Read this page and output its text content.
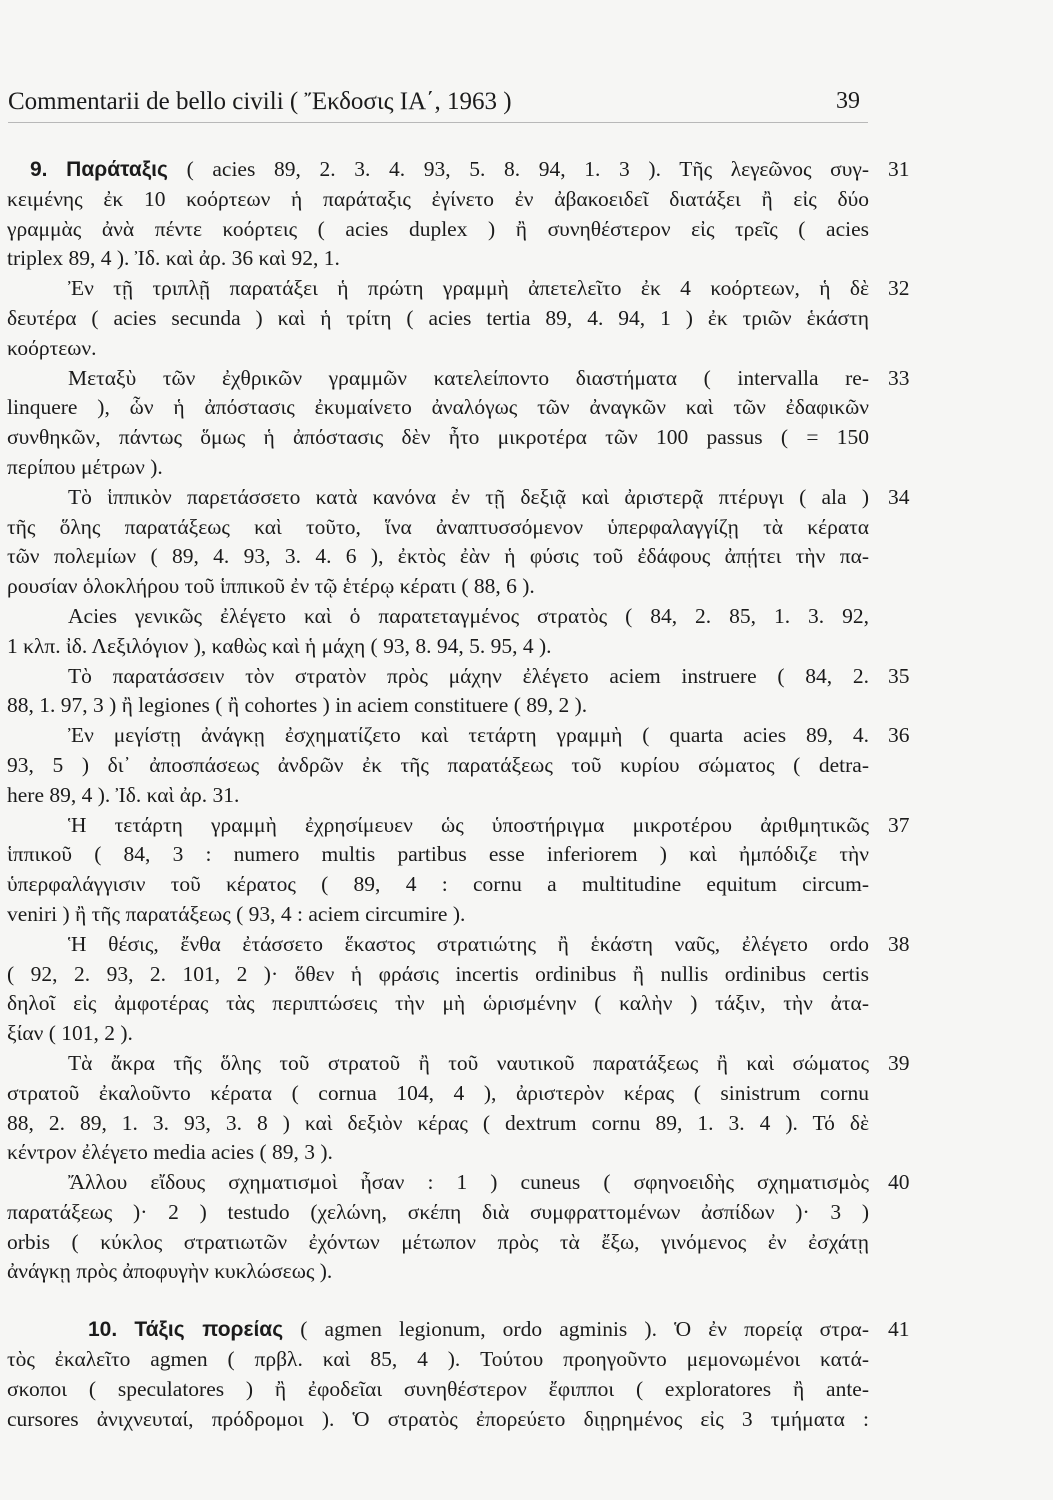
Commentarii de bello civili ( Ἔκδοσις ΙΑ΄, 1963 )	39
9. Παράταξις ( acies 89, 2. 3. 4. 93, 5. 8. 94, 1. 3 ). Τῆς λεγεῶνος συγ- 31
κειμένης ἐκ 10 κοόρτεων ἡ παράταξις ἐγίνετο ἐν ἀβακοειδεῖ διατάξει ἢ εἰς δύο
γραμμὰς ἀνὰ πέντε κοόρτεις ( acies duplex ) ἢ συνηθέστερον εἰς τρεῖς ( acies
triplex 89, 4 ). Ἰδ. καὶ ἀρ. 36 καὶ 92, 1.
Ἐν τῇ τριπλῇ παρατάξει ἡ πρώτη γραμμὴ ἀπετελεῖτο ἐκ 4 κοόρτεων, ἡ δὲ 32
δευτέρα ( acies secunda ) καὶ ἡ τρίτη ( acies tertia 89, 4. 94, 1 ) ἐκ τριῶν ἑκάστη
κοόρτεων.
Μεταξὺ τῶν ἐχθρικῶν γραμμῶν κατελείποντο διαστήματα ( intervalla re- 33
linquere ), ὧν ἡ ἀπόστασις ἐκυμαίνετο ἀναλόγως τῶν ἀναγκῶν καὶ τῶν ἐδαφικῶν
συνθηκῶν, πάντως ὅμως ἡ ἀπόστασις δὲν ἦτο μικροτέρα τῶν 100 passus ( = 150
περίπου μέτρων ).
Τὸ ἱππικὸν παρετάσσετο κατὰ κανόνα ἐν τῇ δεξιᾷ καὶ ἀριστερᾷ πτέρυγι ( ala ) 34
τῆς ὅλης παρατάξεως καὶ τοῦτο, ἵνα ἀναπτυσσόμενον ὑπερφαλαγγίζῃ τὰ κέρατα
τῶν πολεμίων ( 89, 4. 93, 3. 4. 6 ), ἐκτὸς ἐὰν ἡ φύσις τοῦ ἐδάφους ἀπῄτει τὴν πα-
ρουσίαν ὁλοκλήρου τοῦ ἱππικοῦ ἐν τῷ ἑτέρῳ κέρατι ( 88, 6 ).
Acies γενικῶς ἐλέγετο καὶ ὁ παρατεταγμένος στρατὸς ( 84, 2. 85, 1. 3. 92,
1 κλπ. ἰδ. Λεξιλόγιον ), καθὼς καὶ ἡ μάχη ( 93, 8. 94, 5. 95, 4 ).
Τὸ παρατάσσειν τὸν στρατὸν πρὸς μάχην ἐλέγετο aciem instruere ( 84, 2. 35
88, 1. 97, 3 ) ἢ legiones ( ἢ cohortes ) in aciem constituere ( 89, 2 ).
Ἐν μεγίστῃ ἀνάγκῃ ἐσχηματίζετο καὶ τετάρτη γραμμὴ ( quarta acies 89, 4. 36
93, 5 ) δι᾽ ἀποσπάσεως ἀνδρῶν ἐκ τῆς παρατάξεως τοῦ κυρίου σώματος ( detra-
here 89, 4 ). Ἰδ. καὶ ἀρ. 31.
Ἡ τετάρτη γραμμὴ ἐχρησίμευεν ὡς ὑποστήριγμα μικροτέρου ἀριθμητικῶς 37
ἱππικοῦ ( 84, 3 : numero multis partibus esse inferiorem ) καὶ ἠμπόδιζε τὴν
ὑπερφαλάγγισιν τοῦ κέρατος ( 89, 4 : cornu a multitudine equitum circum-
veniri ) ἢ τῆς παρατάξεως ( 93, 4 : aciem circumire ).
Ἡ θέσις, ἔνθα ἐτάσσετο ἕκαστος στρατιώτης ἢ ἑκάστη ναῦς, ἐλέγετο ordo 38
( 92, 2. 93, 2. 101, 2 )· ὅθεν ἡ φράσις incertis ordinibus ἢ nullis ordinibus certis
δηλοῖ εἰς ἀμφοτέρας τὰς περιπτώσεις τὴν μὴ ὡρισμένην ( καλὴν ) τάξιν, τὴν ἀτα-
ξίαν ( 101, 2 ).
Τὰ ἄκρα τῆς ὅλης τοῦ στρατοῦ ἢ τοῦ ναυτικοῦ παρατάξεως ἢ καὶ σώματος 39
στρατοῦ ἐκαλοῦντο κέρατα ( cornua 104, 4 ), ἀριστερὸν κέρας ( sinistrum cornu
88, 2. 89, 1. 3. 93, 3. 8 ) καὶ δεξιὸν κέρας ( dextrum cornu 89, 1. 3. 4 ). Τό δὲ
κέντρον ἐλέγετο media acies ( 89, 3 ).
Ἄλλου εἴδους σχηματισμοὶ ἦσαν : 1 ) cuneus ( σφηνοειδὴς σχηματισμὸς 40
παρατάξεως )· 2 ) testudo (χελώνη, σκέπη διὰ συμφραττομένων ἀσπίδων )· 3 )
orbis ( κύκλος στρατιωτῶν ἐχόντων μέτωπον πρὸς τὰ ἔξω, γινόμενος ἐν ἐσχάτῃ
ἀνάγκῃ πρὸς ἀποφυγὴν κυκλώσεως ).
10. Τάξις πορείας ( agmen legionum, ordo agminis ). Ὁ ἐν πορείᾳ στρα- 41
τὸς ἐκαλεῖτο agmen ( πρβλ. καὶ 85, 4 ). Τούτου προηγοῦντο μεμονωμένοι κατά-
σκοποι ( speculatores ) ἢ ἐφοδεῖαι συνηθέστερον ἔφιπποι ( exploratores ἢ ante-
cursores ἀνιχνευταί, πρόδρομοι ). Ὁ στρατὸς ἐπορεύετο διῃρημένος εἰς 3 τμήματα :
